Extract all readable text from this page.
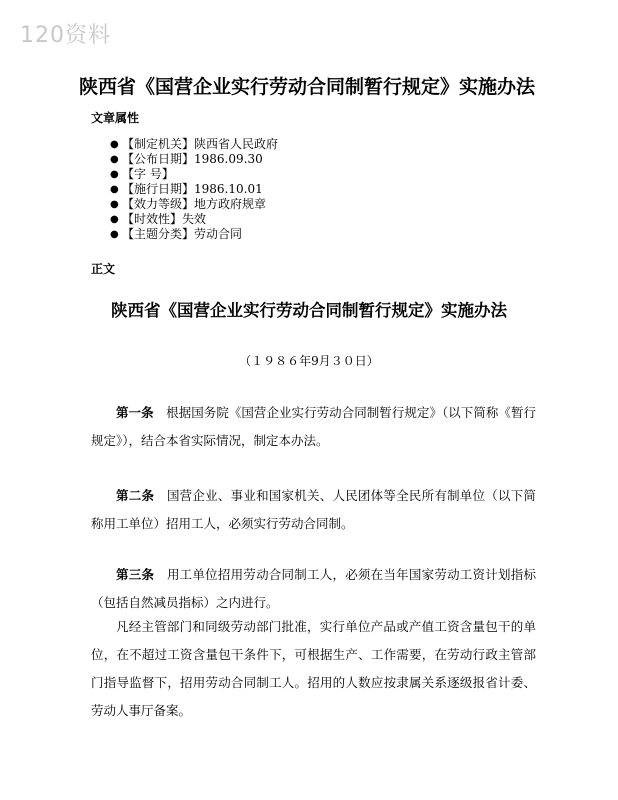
120资料
陕西省《国营企业实行劳动合同制暂行规定》实施办法
文章属性
● 【制定机关】陕西省人民政府
● 【公布日期】1986.09.30
● 【字 号】
● 【施行日期】1986.10.01
● 【效力等级】地方政府规章
● 【时效性】失效
● 【主题分类】劳动合同
正文
陕西省《国营企业实行劳动合同制暂行规定》实施办法
（１９８６年9月３０日）

第一条　 根据国务院《国营企业实行劳动合同制暂行规定》（以下简称《暂行规定》），结合本省实际情况，制定本办法。

第二条　 国营企业、事业和国家机关、人民团体等全民所有制单位（以下简称用工单位）招用工人，必须实行劳动合同制。

第三条　 用工单位招用劳动合同制工人，必须在当年国家劳动工资计划指标（包括自然减员指标）之内进行。

凡经主管部门和同级劳动部门批准，实行单位产品或产值工资含量包干的单位，在不超过工资含量包干条件下，可根据生产、工作需要，在劳动行政主管部门指导监督下，招用劳动合同制工人。招用的人数应按隶属关系逐级报省计委、劳动人事厅备案。
